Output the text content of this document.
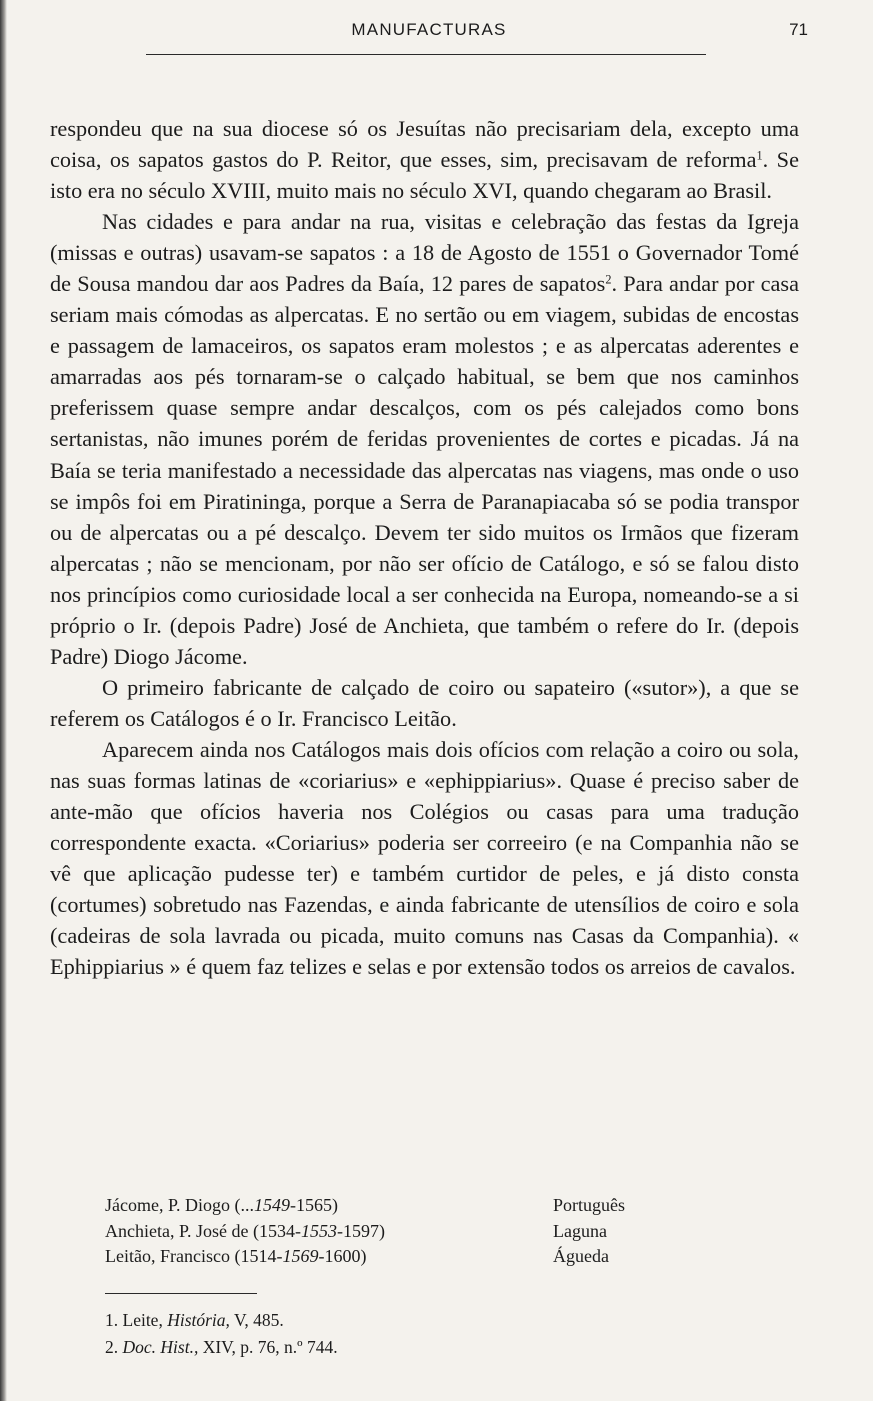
MANUFACTURAS	71

respondeu que na sua diocese só os Jesuítas não precisariam dela, excepto uma coisa, os sapatos gastos do P. Reitor, que esses, sim, precisavam de reforma$^1$. Se isto era no século XVIII, muito mais no século XVI, quando chegaram ao Brasil.

Nas cidades e para andar na rua, visitas e celebração das festas da Igreja (missas e outras) usavam-se sapatos : a 18 de Agosto de 1551 o Governador Tomé de Sousa mandou dar aos Padres da Baía, 12 pares de sapatos$^2$. Para andar por casa seriam mais cómodas as alpercatas. E no sertão ou em viagem, subidas de encostas e passagem de lamaceiros, os sapatos eram molestos ; e as alpercatas aderentes e amarradas aos pés tornaram-se o calçado habitual, se bem que nos caminhos preferissem quase sempre andar descalços, com os pés calejados como bons sertanistas, não imunes porém de feridas provenientes de cortes e picadas. Já na Baía se teria manifestado a necessidade das alpercatas nas viagens, mas onde o uso se impôs foi em Piratininga, porque a Serra de Paranapiacaba só se podia transpor ou de alpercatas ou a pé descalço. Devem ter sido muitos os Irmãos que fizeram alpercatas ; não se mencionam, por não ser ofício de Catálogo, e só se falou disto nos princípios como curiosidade local a ser conhecida na Europa, nomeando-se a si próprio o Ir. (depois Padre) José de Anchieta, que também o refere do Ir. (depois Padre) Diogo Jácome.

O primeiro fabricante de calçado de coiro ou sapateiro («sutor»), a que se referem os Catálogos é o Ir. Francisco Leitão.

Aparecem ainda nos Catálogos mais dois ofícios com relação a coiro ou sola, nas suas formas latinas de «coriarius» e «ephippiarius». Quase é preciso saber de ante-mão que ofícios haveria nos Colégios ou casas para uma tradução correspondente exacta. «Coriarius» poderia ser correeiro (e na Companhia não se vê que aplicação pudesse ter) e também curtidor de peles, e já disto consta (cortumes) sobretudo nas Fazendas, e ainda fabricante de utensílios de coiro e sola (cadeiras de sola lavrada ou picada, muito comuns nas Casas da Companhia). « Ephippiarius » é quem faz telizes e selas e por extensão todos os arreios de cavalos.

Jácome, P. Diogo (...1549-1565)	Português
Anchieta, P. José de (1534-1553-1597)	Laguna
Leitão, Francisco (1514-1569-1600)	Águeda
1. Leite, História, V, 485.
2. Doc. Hist., XIV, p. 76, n.º 744.
